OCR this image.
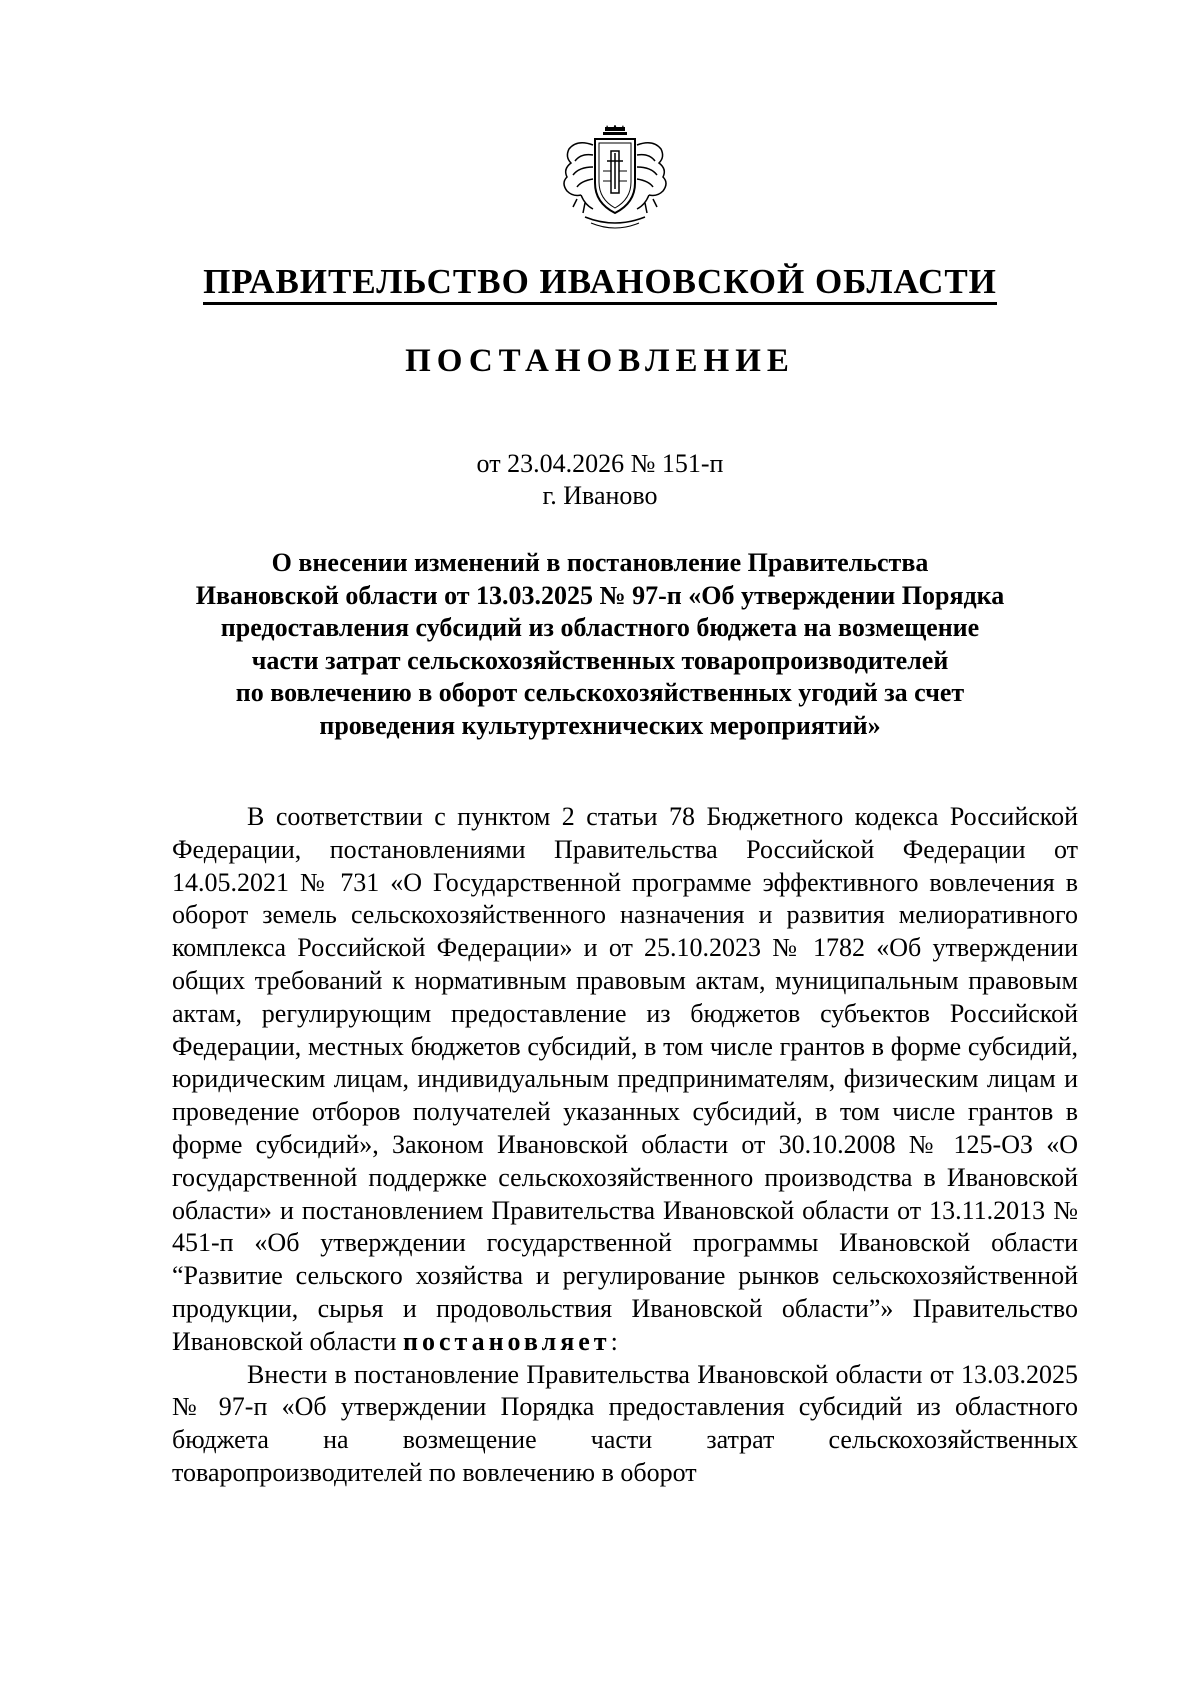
ПРАВИТЕЛЬСТВО ИВАНОВСКОЙ ОБЛАСТИ
ПОСТАНОВЛЕНИЕ
от 23.04.2026 № 151-п
г. Иваново
О внесении изменений в постановление Правительства
Ивановской области от 13.03.2025 № 97-п «Об утверждении Порядка
предоставления субсидий из областного бюджета на возмещение
части затрат сельскохозяйственных товаропроизводителей
по вовлечению в оборот сельскохозяйственных угодий за счет
проведения культуртехнических мероприятий»

В соответствии с пунктом 2 статьи 78 Бюджетного кодекса Российской Федерации, постановлениями Правительства Российской Федерации от 14.05.2021 № 731 «О Государственной программе эффективного вовлечения в оборот земель сельскохозяйственного назначения и развития мелиоративного комплекса Российской Федерации» и от 25.10.2023 № 1782 «Об утверждении общих требований к нормативным правовым актам, муниципальным правовым актам, регулирующим предоставление из бюджетов субъектов Российской Федерации, местных бюджетов субсидий, в том числе грантов в форме субсидий, юридическим лицам, индивидуальным предпринимателям, физическим лицам и проведение отборов получателей указанных субсидий, в том числе грантов в форме субсидий», Законом Ивановской области от 30.10.2008 № 125-ОЗ «О государственной поддержке сельскохозяйственного производства в Ивановской области» и постановлением Правительства Ивановской области от 13.11.2013 № 451-п «Об утверждении государственной программы Ивановской области “Развитие сельского хозяйства и регулирование рынков сельскохозяйственной продукции, сырья и продовольствия Ивановской области”» Правительство Ивановской области постановляет:

Внести в постановление Правительства Ивановской области от 13.03.2025 № 97-п «Об утверждении Порядка предоставления субсидий из областного бюджета на возмещение части затрат сельскохозяйственных товаропроизводителей по вовлечению в оборот
